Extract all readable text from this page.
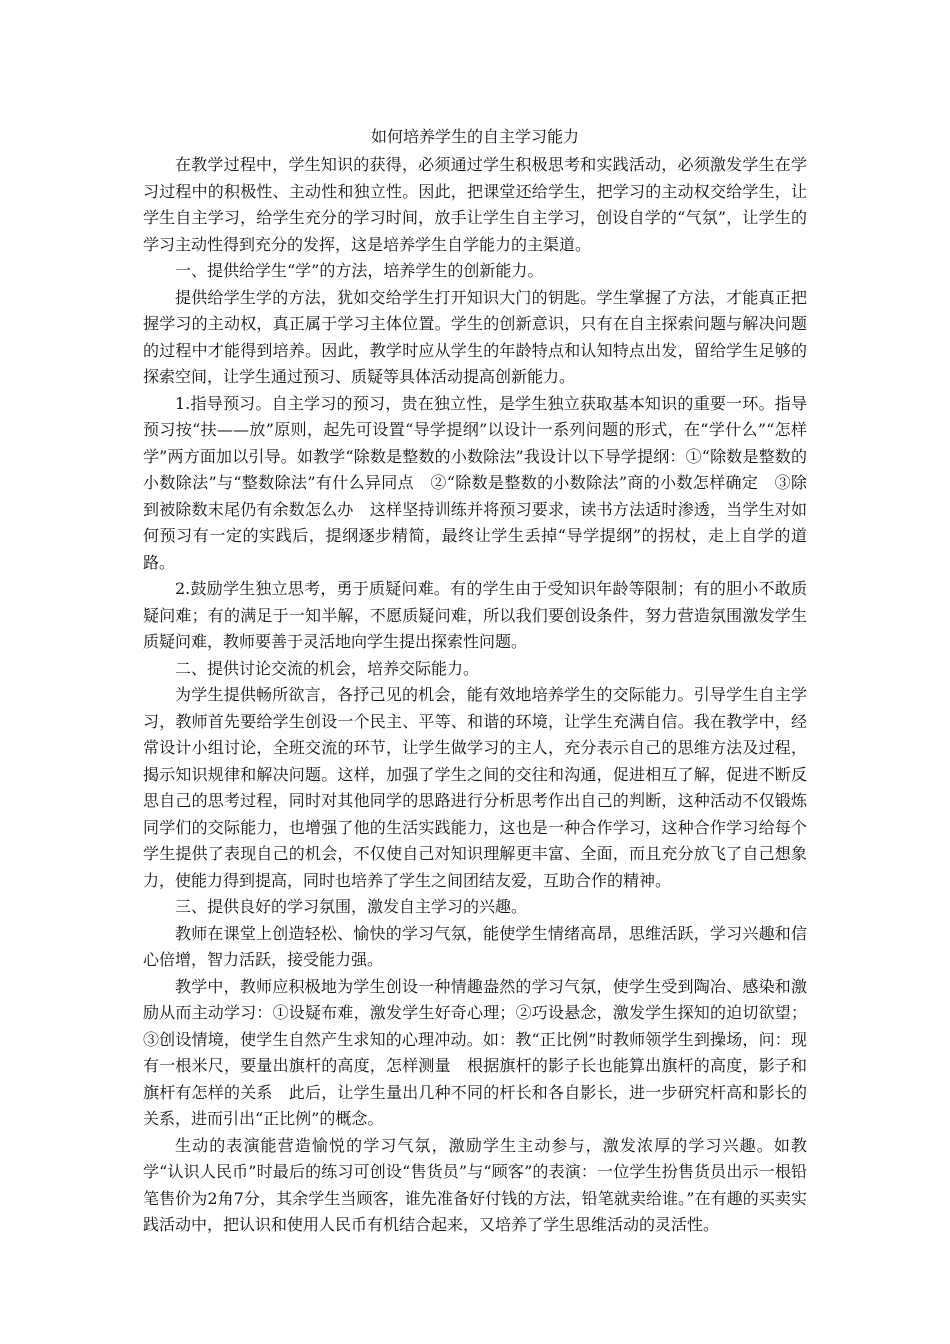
如何培养学生的自主学习能力

在教学过程中，学生知识的获得，必须通过学生积极思考和实践活动，必须激发学生在学习过程中的积极性、主动性和独立性。因此，把课堂还给学生，把学习的主动权交给学生，让学生自主学习，给学生充分的学习时间，放手让学生自主学习，创设自学的“气氛”，让学生的学习主动性得到充分的发挥，这是培养学生自学能力的主渠道。

一、提供给学生“学”的方法，培养学生的创新能力。

提供给学生学的方法，犹如交给学生打开知识大门的钥匙。学生掌握了方法，才能真正把握学习的主动权，真正属于学习主体位置。学生的创新意识，只有在自主探索问题与解决问题的过程中才能得到培养。因此，教学时应从学生的年龄特点和认知特点出发，留给学生足够的探索空间，让学生通过预习、质疑等具体活动提高创新能力。

1.指导预习。自主学习的预习，贵在独立性，是学生独立获取基本知识的重要一环。指导预习按“扶——放”原则，起先可设置“导学提纲”以设计一系列问题的形式，在“学什么”“怎样学”两方面加以引导。如教学“除数是整数的小数除法”我设计以下导学提纲：①“除数是整数的小数除法”与“整数除法”有什么异同点　②“除数是整数的小数除法”商的小数怎样确定　③除到被除数末尾仍有余数怎么办　这样坚持训练并将预习要求，读书方法适时渗透，当学生对如何预习有一定的实践后，提纲逐步精简，最终让学生丢掉“导学提纲”的拐杖，走上自学的道路。

2.鼓励学生独立思考，勇于质疑问难。有的学生由于受知识年龄等限制；有的胆小不敢质疑问难；有的满足于一知半解，不愿质疑问难，所以我们要创设条件，努力营造氛围激发学生质疑问难，教师要善于灵活地向学生提出探索性问题。

二、提供讨论交流的机会，培养交际能力。

为学生提供畅所欲言，各抒己见的机会，能有效地培养学生的交际能力。引导学生自主学习，教师首先要给学生创设一个民主、平等、和谐的环境，让学生充满自信。我在教学中，经常设计小组讨论，全班交流的环节，让学生做学习的主人，充分表示自己的思维方法及过程，揭示知识规律和解决问题。这样，加强了学生之间的交往和沟通，促进相互了解，促进不断反思自己的思考过程，同时对其他同学的思路进行分析思考作出自己的判断，这种活动不仅锻炼同学们的交际能力，也增强了他的生活实践能力，这也是一种合作学习，这种合作学习给每个学生提供了表现自己的机会，不仅使自己对知识理解更丰富、全面，而且充分放飞了自己想象力，使能力得到提高，同时也培养了学生之间团结友爱，互助合作的精神。

三、提供良好的学习氛围，激发自主学习的兴趣。

教师在课堂上创造轻松、愉快的学习气氛，能使学生情绪高昂，思维活跃，学习兴趣和信心倍增，智力活跃，接受能力强。

教学中，教师应积极地为学生创设一种情趣盎然的学习气氛，使学生受到陶冶、感染和激励从而主动学习：①设疑布难，激发学生好奇心理；②巧设悬念，激发学生探知的迫切欲望；③创设情境，使学生自然产生求知的心理冲动。如：教“正比例”时教师领学生到操场，问：现有一根米尺，要量出旗杆的高度，怎样测量　根据旗杆的影子长也能算出旗杆的高度，影子和旗杆有怎样的关系　此后，让学生量出几种不同的杆长和各自影长，进一步研究杆高和影长的关系，进而引出“正比例”的概念。

生动的表演能营造愉悦的学习气氛，激励学生主动参与，激发浓厚的学习兴趣。如教学“认识人民币”时最后的练习可创设“售货员”与“顾客”的表演：一位学生扮售货员出示一根铅笔售价为2角7分，其余学生当顾客，谁先准备好付钱的方法，铅笔就卖给谁。”在有趣的买卖实践活动中，把认识和使用人民币有机结合起来，又培养了学生思维活动的灵活性。
